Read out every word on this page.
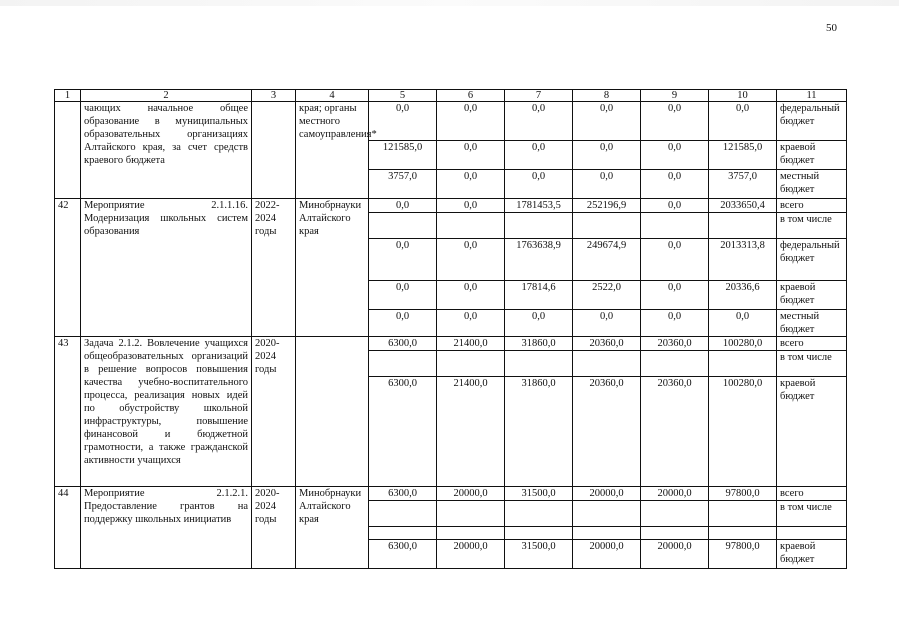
50
1	2	3	4	5	6	7	8	9	10	11
	чающих начальное общее образование в муниципальных образовательных организациях Алтайского края, за счет средств краевого бюджета		края; органы местного самоуправления*	0,0	0,0	0,0	0,0	0,0	0,0	федеральный бюджет
				121585,0	0,0	0,0	0,0	0,0	121585,0	краевой бюджет
				3757,0	0,0	0,0	0,0	0,0	3757,0	местный бюджет
42	Мероприятие 2.1.1.16. Модернизация школьных систем образования	2022-2024 годы	Минобрнауки Алтайского края	0,0	0,0	1781453,5	252196,9	0,0	2033650,4	всего
										в том числе
				0,0	0,0	1763638,9	249674,9	0,0	2013313,8	федеральный бюджет
				0,0	0,0	17814,6	2522,0	0,0	20336,6	краевой бюджет
				0,0	0,0	0,0	0,0	0,0	0,0	местный бюджет
43	Задача 2.1.2. Вовлечение учащихся общеобразовательных организаций в решение вопросов повышения качества учебно-воспитательного процесса, реализация новых идей по обустройству школьной инфраструктуры, повышение финансовой и бюджетной грамотности, а также гражданской активности учащихся	2020-2024 годы		6300,0	21400,0	31860,0	20360,0	20360,0	100280,0	всего
										в том числе
				6300,0	21400,0	31860,0	20360,0	20360,0	100280,0	краевой бюджет
44	Мероприятие 2.1.2.1. Предоставление грантов на поддержку школьных инициатив	2020-2024 годы	Минобрнауки Алтайского края	6300,0	20000,0	31500,0	20000,0	20000,0	97800,0	всего
										в том числе

				6300,0	20000,0	31500,0	20000,0	20000,0	97800,0	краевой бюджет
